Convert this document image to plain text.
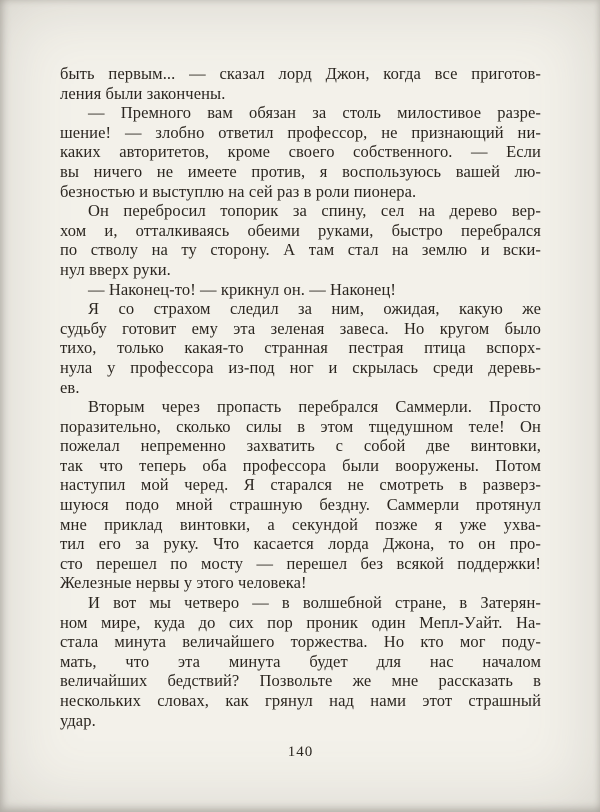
быть первым... — сказал лорд Джон, когда все приготов-
ления были закончены.
— Премного вам обязан за столь милостивое разре-
шение! — злобно ответил профессор, не признающий ни-
каких авторитетов, кроме своего собственного. — Если
вы ничего не имеете против, я воспользуюсь вашей лю-
безностью и выступлю на сей раз в роли пионера.
Он перебросил топорик за спину, сел на дерево вер-
хом и, отталкиваясь обеими руками, быстро перебрался
по стволу на ту сторону. А там стал на землю и вски-
нул вверх руки.
— Наконец-то! — крикнул он. — Наконец!
Я со страхом следил за ним, ожидая, какую же
судьбу готовит ему эта зеленая завеса. Но кругом было
тихо, только какая-то странная пестрая птица вспорх-
нула у профессора из-под ног и скрылась среди деревь-
ев.
Вторым через пропасть перебрался Саммерли. Просто
поразительно, сколько силы в этом тщедушном теле! Он
пожелал непременно захватить с собой две винтовки,
так что теперь оба профессора были вооружены. Потом
наступил мой черед. Я старался не смотреть в разверз-
шуюся подо мной страшную бездну. Саммерли протянул
мне приклад винтовки, а секундой позже я уже ухва-
тил его за руку. Что касается лорда Джона, то он про-
сто перешел по мосту — перешел без всякой поддержки!
Железные нервы у этого человека!
И вот мы четверо — в волшебной стране, в Затерян-
ном мире, куда до сих пор проник один Мепл-Уайт. На-
стала минута величайшего торжества. Но кто мог поду-
мать, что эта минута будет для нас началом
величайших бедствий? Позвольте же мне рассказать в
нескольких словах, как грянул над нами этот страшный
удар.
140
